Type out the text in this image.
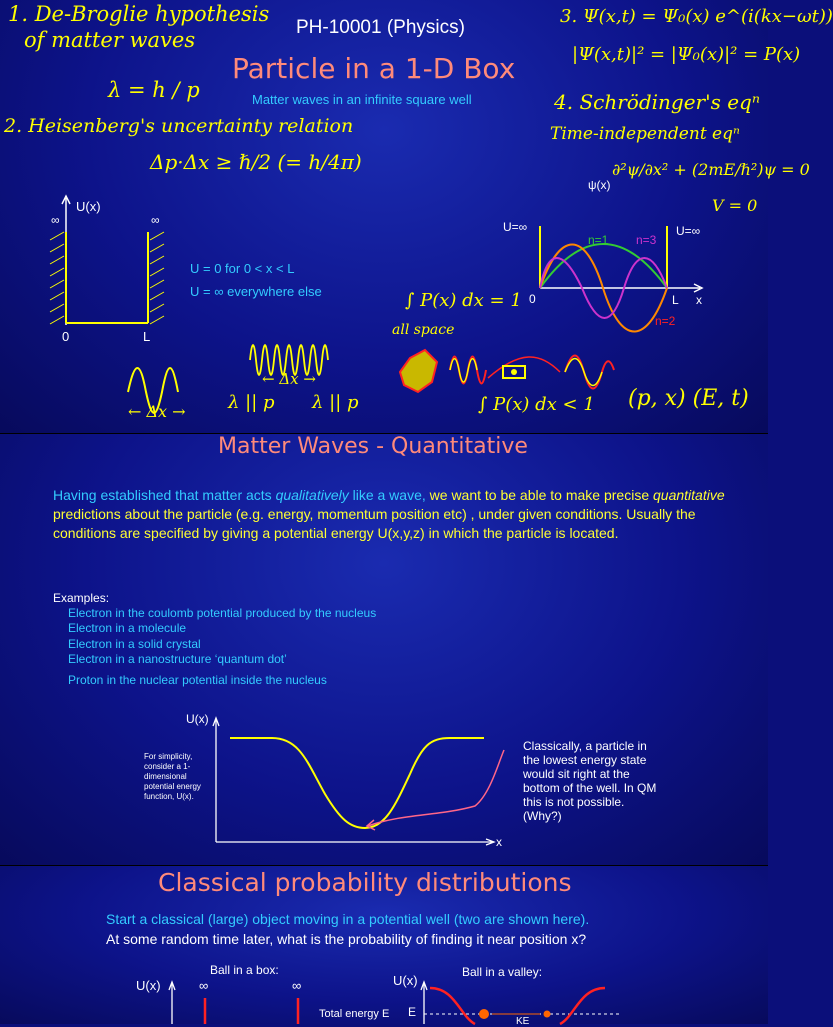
1. De-Broglie hypothesis
of matter waves
λ = h / p
2. Heisenberg's uncertainty relation
Δp·Δx ≥ ℏ/2 (= h/4π)
3. Ψ(x,t) = Ψ₀(x) e^(i(kx−ωt))
|Ψ(x,t)|² = |Ψ₀(x)|² = P(x)
4. Schrödinger's eqⁿ
Time-independent eqⁿ
∂²ψ/∂x² + (2mE/ℏ²)ψ = 0
V = 0
∫ P(x) dx = 1
all space
∫ P(x) dx < 1 (p, x) (E, t)
← Δx →
← Δx →
λ || p λ || p
PH-10001 (Physics)
Particle in a 1-D Box
Matter waves in an infinite square well
U(x)
∞	∞
0	L
U = 0 for 0 < x < L
U = ∞ everywhere else
ψ(x)
U=∞	U=∞
0	L x
n=1 n=3
n=2
Matter Waves - Quantitative
Having established that matter acts qualitatively like a wave, we want to be able to make precise quantitative predictions about the particle (e.g. energy, momentum position etc) , under given conditions. Usually the conditions are specified by giving a potential energy U(x,y,z) in which the particle is located.
Examples:
Electron in the coulomb potential produced by the nucleus
Electron in a molecule
Electron in a solid crystal
Electron in a nanostructure ‘quantum dot’
Proton in the nuclear potential inside the nucleus
U(x)
x
For simplicity, consider a 1-dimensional potential energy function, U(x).
Classically, a particle in the lowest energy state would sit right at the bottom of the well. In QM this is not possible. (Why?)
Classical probability distributions
Start a classical (large) object moving in a potential well (two are shown here).
At some random time later, what is the probability of finding it near position x?
Ball in a box:	Ball in a valley:
U(x)	U(x)
∞	∞
Total energy E E
KE
